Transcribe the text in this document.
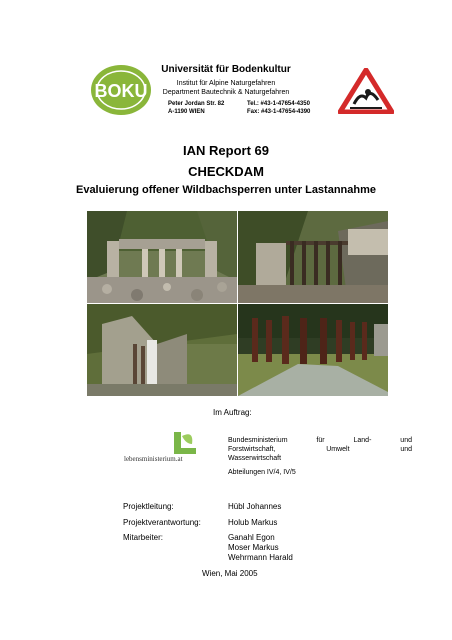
BOKU
Universität für Bodenkultur
Institut für Alpine Naturgefahren
Department Bautechnik & Naturgefahren
Peter Jordan Str. 82
A-1190 WIEN
Tel.: #43-1-47654-4350
Fax: #43-1-47654-4390
IAN Report 69
CHECKDAM
Evaluierung offener Wildbachsperren unter Lastannahme
Im Auftrag:
lebensministerium.at
Bundesministerium für Land- und
Forstwirtschaft, Umwelt und
Wasserwirtschaft
Abteilungen IV/4, IV/5
Projektleitung:	Hübl Johannes
Projektverantwortung:	Holub Markus
Mitarbeiter:	Ganahl Egon
Moser Markus
Wehrmann Harald
Wien, Mai 2005
